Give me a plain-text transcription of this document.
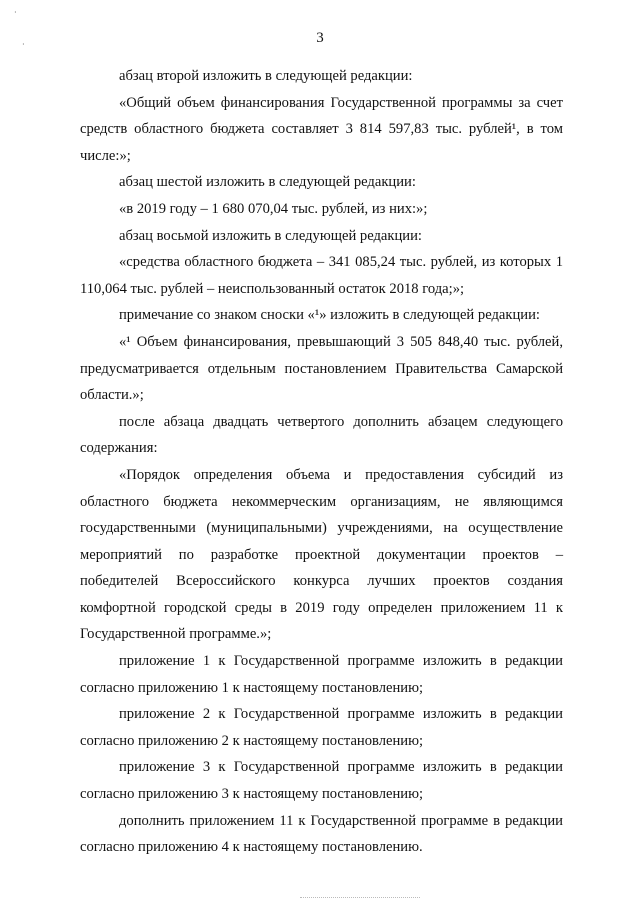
·
·	3

абзац второй изложить в следующей редакции:

«Общий объем финансирования Государственной программы за счет средств областного бюджета составляет 3 814 597,83 тыс. рублей¹, в том числе:»;

абзац шестой изложить в следующей редакции:

«в 2019 году – 1 680 070,04 тыс. рублей, из них:»;

абзац восьмой изложить в следующей редакции:

«средства областного бюджета – 341 085,24 тыс. рублей, из которых 1 110,064 тыс. рублей – неиспользованный остаток 2018 года;»;

примечание со знаком сноски «¹» изложить в следующей редакции:

«¹ Объем финансирования, превышающий 3 505 848,40 тыс. рублей, предусматривается отдельным постановлением Правительства Самарской области.»;

после абзаца двадцать четвертого дополнить абзацем следующего содержания:

«Порядок определения объема и предоставления субсидий из областного бюджета некоммерческим организациям, не являющимся государственными (муниципальными) учреждениями, на осуществление мероприятий по разработке проектной документации проектов – победителей Всероссийского конкурса лучших проектов создания комфортной городской среды в 2019 году определен приложением 11 к Государственной программе.»;

приложение 1 к Государственной программе изложить в редакции согласно приложению 1 к настоящему постановлению;

приложение 2 к Государственной программе изложить в редакции согласно приложению 2 к настоящему постановлению;

приложение 3 к Государственной программе изложить в редакции согласно приложению 3 к настоящему постановлению;

дополнить приложением 11 к Государственной программе в редакции согласно приложению 4 к настоящему постановлению.
